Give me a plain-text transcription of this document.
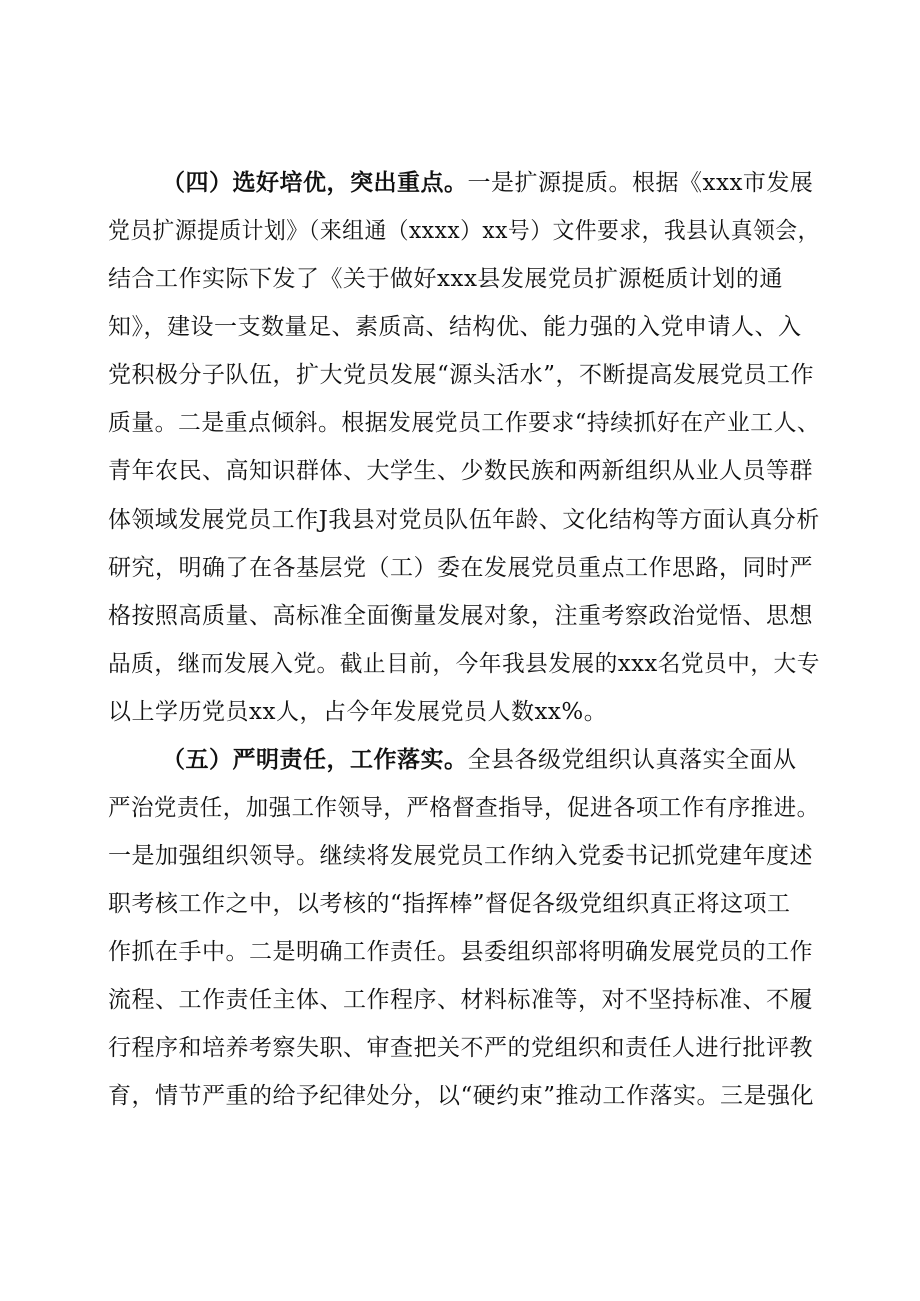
（四）选好培优，突出重点。一是扩源提质。根据《xxx市发展
党员扩源提质计划》（来组通（xxxx）xx号）文件要求，我县认真领会，
结合工作实际下发了《关于做好xxx县发展党员扩源梃质计划的通
知》，建设一支数量足、素质高、结构优、能力强的入党申请人、入
党积极分子队伍，扩大党员发展“源头活水”，不断提高发展党员工作
质量。二是重点倾斜。根据发展党员工作要求“持续抓好在产业工人、
青年农民、高知识群体、大学生、少数民族和两新组织从业人员等群
体领域发展党员工作J我县对党员队伍年龄、文化结构等方面认真分析
研究，明确了在各基层党（工）委在发展党员重点工作思路，同时严
格按照高质量、高标准全面衡量发展对象，注重考察政治觉悟、思想
品质，继而发展入党。截止目前，今年我县发展的xxx名党员中，大专
以上学历党员xx人，占今年发展党员人数xx%。
（五）严明责任，工作落实。全县各级党组织认真落实全面从
严治党责任，加强工作领导，严格督查指导，促进各项工作有序推进。
一是加强组织领导。继续将发展党员工作纳入党委书记抓党建年度述
职考核工作之中，以考核的“指挥棒”督促各级党组织真正将这项工
作抓在手中。二是明确工作责任。县委组织部将明确发展党员的工作
流程、工作责任主体、工作程序、材料标准等，对不坚持标准、不履
行程序和培养考察失职、审查把关不严的党组织和责任人进行批评教
育，情节严重的给予纪律处分，以“硬约束”推动工作落实。三是强化
